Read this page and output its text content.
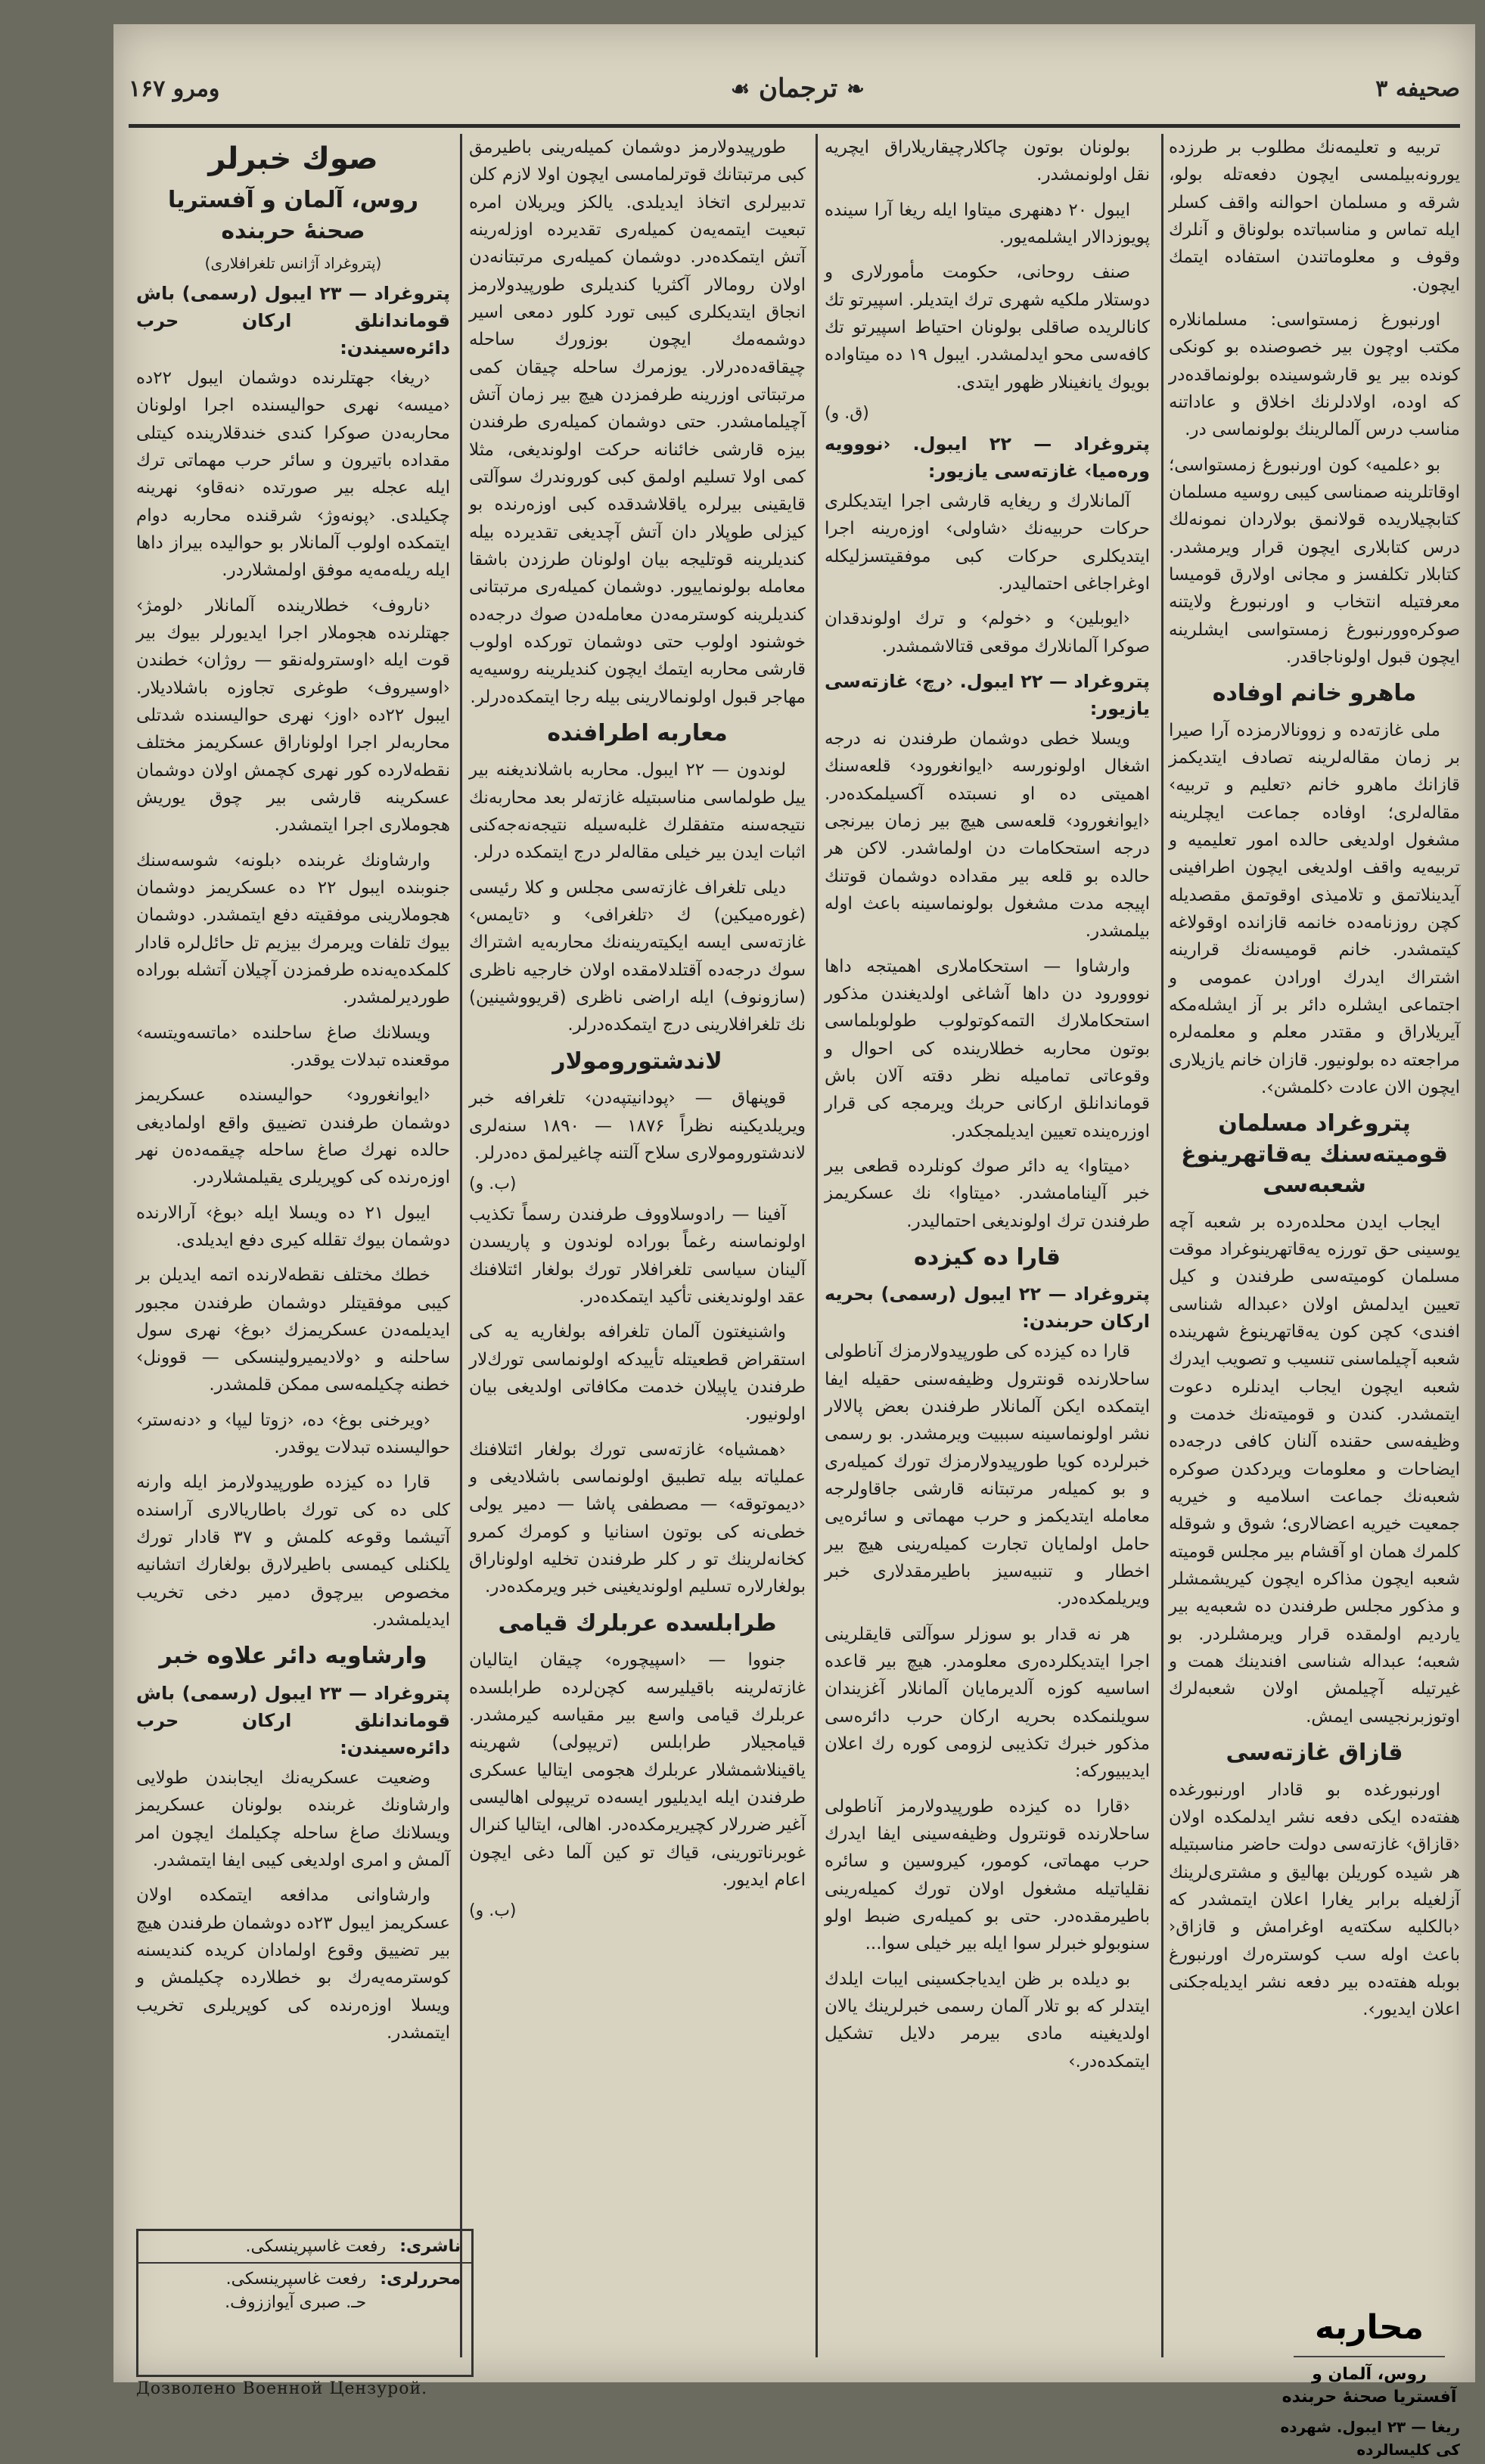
صحیفه ۳
❧
ترجمان
☙
ومرو ۱۶۷

تربیه و تعلیمه‌نك مطلوب بر طرزده یورونه‌بیلمسی ایچون دفعه‌تله بولو، شرقه و مسلمان احوالنه واقف کسلر ایله تماس و مناسباتده بولوناق و آنلرك وقوف و معلوماتندن استفاده ایتمك ایچون.

اورنبورغ زمستواسی: مسلمانلاره مکتب اوچون بیر خصوصنده بو کونکی کونده بیر یو قارشوسینده بولونماقده‌در که اوده، اولادلرنك اخلاق و عاداتنه مناسب درس آلمالرینك بولونماسی در.

بو ‹علمیه› کون اورنبورغ زمستواسی؛ اوقاتلرینه صمناسی کیبی روسیه مسلمان کتابچیلاریده قولانمق بولاردان نمونه‌لك درس کتابلاری ایچون قرار ویرمشدر. کتابلار تکلفسز و مجانی اولارق قوميسا معرفتیله انتخاب و اورنبورغ ولایتنه صوكره‌وورنبورغ زمستواسی ایشلرینه ایچون قبول اولوناجاقدر.

ماهرو خانم اوفاده

ملی غازته‌ده و زوونالارمزده آرا صیرا بر زمان مقاله‌لرینه تصادف ایتدیكمز قازانك ماهرو خانم ‹تعلیم و تربیه› مقاله‌لری؛ اوفاده جماعت ایچلرینه مشغول اولدیغی حالده امور تعلیمیه و تربیه‌یه واقف اولدیغی ایچون اطرافینی آیدینلاتمق و تلامیذی اوقوتمق مقصدیله کچن روزنامه‌ده خانمه قازانده اوقولاغه کیتمشدر. خانم قومیسه‌نك قرارینه اشتراك ایدرك اورادن عمومی و اجتماعی ایشلره دائر بر آز ایشله‌مكه آیریلاراق و مقتدر معلم و معلمه‌لره مراجعته ده بولونیور. قازان خانم یازیلاری ایچون الان عادت ‹كلمشن›.

پتروغراد مسلمان قومیته‌سنك یه‌قاتهرینوغ شعبه‌سی

ایجاب ایدن محلده‌رده بر شعبه آچه یوسینی حق تورزه یه‌قاتهرینوغراد موقت مسلمان کومیته‌سی طرفندن و کیل تعیین ایدلمش اولان ‹عبداله شناسی افندی› کچن کون یه‌قاتهرینوغ شهرینده شعبه آچیلماسنی تنسیب و تصویب ایدرك شعبه ایچون ایجاب ایدنلره دعوت ایتمشدر. کندن و قومیته‌نك خدمت و وظیفه‌سی حقنده آلنان کافی درجه‌ده ایضاحات و معلومات ویردکدن صوكره شعبه‌نك جماعت اسلامیه و خیریه جمعیت خیریه اعضالاری؛ شوق و شوقله کلمرك همان او آقشام بیر مجلس قومیته شعبه ایچون مذاكره ایچون کیریشمشلر و مذكور مجلس طرفندن ده شعبه‌یه بیر یاردیم اولمقده قرار ویرمشلردر. بو شعبه؛ عبداله شناسی افندینك همت و غیرتیله آچیلمش اولان شعبه‌لرك اوتوزبرنجیسی ایمش.

قازاق غازته‌سی

اورنبورغده بو قادار اورنبورغده هفته‌ده ایكی دفعه نشر ایدلمكده اولان ‹قازاق› غازته‌سی دولت حاضر مناسبتیله هر شیده کوریلن بهالیق و مشتری‌لرینك آزلغیله برابر یغارا اعلان ایتمشدر که ‹بالكلیه سکته‌یه اوغرامش و قازاق‹ باعث اوله سب کوستره‌رك اورنبورغ بوبله هفته‌ده بیر دفعه نشر ایدیله‌جکنی اعلان ایدیور›.

محاربه
روس، آلمان و آفستریا صحنهٔ حربنده
ریغا — ۲۳ ایبول. شهرده کی کلیسالرده

بولونان بوتون چاکلارچیقاریلاراق ایچریه نقل اولونمشدر.

ایبول ۲۰ دهنهرى میتاوا ایله ریغا آرا سینده پویوزدالار ایشلمه‌یور.

صنف روحانی، حکومت مأمورلاری و دوستلار ملکیه شهری ترك ایتدیلر. اسپیرتو تك کانالریده صاقلی بولونان احتیاط اسپیرتو تك کافه‌سی محو ایدلمشدر. ایبول ۱۹ ده میتاواده بویوك یانغینلار ظهور ایتدی.

(ق. و)
پتروغراد — ۲۲ ایبول. ‹نووویه وره‌میا› غازته‌سی یازیور:

آلمانلارك و ریغایه قارشی اجرا ایتدیكلری حرکات حربیه‌نك ‹شاولی› اوزه‌رینه اجرا ایتدیكلری حرکات کبی موفقیتسزلیكله اوغراجاغی احتمالیدر.

‹ایوبلین› و ‹خولم› و ترك اولوندقدان صوکرا آلمانلارك موقعی قتالاشمشدر.

پتروغراد — ۲۲ ایبول. ‹رچ› غازته‌سی یازیور:

ویسلا خطی دوشمان طرفندن نه درجه اشغال اولونورسه ‹ایوانغورود› قلعه‌سنك اهمیتی ده او نسبتده آکسیلمكده‌در. ‹ایوانغورود› قلعه‌سی هیچ بیر زمان بیرنجی درجه استحکامات دن اولماشدر. لاكن هر حالده بو قلعه بیر مقداده دوشمان قوتنك اپیجه مدت مشغول بولونماسینه باعث اوله بیلمشدر.

وارشاوا — استحکاملاری اهمیتجه داها نووورود دن داها آشاغی اولدیغندن مذکور استحکاملارك التمه‌كوتولوب طولوبلماسی بوتون محاربه خطلارینده کی احوال و وقوعاتی تمامیله نظر دقته آلان باش قوماندانلق ارکانی حربك ویرمجه کی قرار اوزره‌ینده تعیین ایدیلمجکدر.

‹میتاوا› یه دائر صوك کونلرده قطعی بیر خبر آلینامامشدر. ‹میتاوا› نك عسکریمز طرفندن ترك اولوندیغی احتمالیدر.

قارا ده کیزده
پتروغراد — ۲۲ ایبول (رسمی) بحریه ارکان حربندن:

قارا ده کیزده کی طورپیدولارمزك آناطولی ساحلارنده قونترول وظیفه‌سنی حقیله ایفا ایتمكده ایكن آلمانلار طرفندن بعض پالالار نشر اولونماسینه سببیت ویرمشدر. بو رسمی خبرلرده کویا طورپیدولارمزك تورك کمیله‌ری و بو کمیله‌ر مرتبتانه قارشی جاقاولرجه معامله ایتدیکمز و حرب مهماتی و سائره‌یی حامل اولمایان تجارت کمیله‌رینی هیچ بیر اخطار و تنبیه‌سیز باطیرمقدلاری خبر ویریلمكده‌در.

هر نه قدار بو سوزلر سوآلتی قایقلرینی اجرا ایتدیكلرده‌ری معلومدر. هیچ بیر قاعده اساسیه کوزه آلدیرمایان آلمانلار آغزیندان سویلنمكده بحریه ارکان حرب دائره‌سی مذکور خبرك تکذیبی لزومی کوره رك اعلان ایدیبیورکه:

‹قارا ده کیزده طورپیدولارمز آناطولی ساحلارنده قونترول وظیفه‌سینی ایفا ایدرك حرب مهماتی، کومور، کیروسین و سائره نقلیاتیله مشغول اولان تورك کمیله‌رینی باطیرمقده‌در. حتی بو کمیله‌ری ضبط اولو سنوبولو خبرلر سوا ایله بیر خیلی سوا...

بو دیلده بر ظن ایدیاجکسینی ایبات ایلدك ایتدلر که بو تلار آلمان رسمی خبرلرینك یالان اولدیغینه مادی بیرمر دلایل تشکیل ایتمكده‌در.›

طورپیدولارمز دوشمان کمیله‌رینی باطیرمق کبی مرتبتانك قوترلمامسی ایچون اولا لازم کلن تدبیرلری اتخاذ ایدیلدی. یالکز ویریلان امره تبعیت ایتمه‌یه‌ن کمیله‌ری تقدیرده اوزله‌رینه آتش ایتمكده‌در. دوشمان کمیله‌ری مرتبتانه‌دن اولان رومالار آکثریا کندیلری طورپیدولارمز انجاق ایتدیكلری کیبی تورد کلور دمعی اسیر دوشمه‌مك ایچون بوزورك ساحله چیقاقه‌ده‌درلار. یوزمرك ساحله چیقان کمی مرتبتاتی اوزرینه طرفمزدن هیچ بیر زمان آتش آچیلمامشدر. حتی دوشمان کمیله‌ری طرفندن بیزه قارشی خائنانه حرکت اولوندیغی، مثلا کمی اولا تسلیم اولمق کبی کوروندرك سوآلتی قایقینی بیرلره یاقلاشدقده کبی اوزه‌رنده بو کیزلی طوپلار دان آتش آچدیغی تقدیرده بیله کندیلرینه قوتلیجه بیان اولونان طرزدن باشقا معامله بولونماییور. دوشمان کمیله‌ری مرتبتانی کندیلرینه کوسترمه‌دن معامله‌دن صوك درجه‌ده خوشنود اولوب حتی دوشمان تورکده اولوب قارشی محاربه ایتمك ایچون کندیلرینه روسیه‌یه مهاجر قبول اولونمالارینی بیله رجا ایتمكده‌درلر.

معاربه اطرافنده

لوندون — ۲۲ ایبول. محاربه باشلاندیغنه بیر ییل طولماسی مناسبتیله غازته‌لر بعد محاربه‌نك نتیجه‌سنه متفقلرك غلبه‌سیله نتیجه‌نه‌جه‌کنی اثبات ایدن بیر خیلی مقاله‌لر درج ایتمكده درلر.

دیلی تلغراف غازته‌سی مجلس و کلا رئیسی (غوره‌میکین) ك ‹تلغرافی› و ‹تایمس› غازته‌سی ایسه ایکیته‌رینه‌نك محاربه‌یه اشتراك سوك درجه‌ده آقتلدلامقده اولان خارجیه ناظری (سازونوف) ایله اراضی ناظری (قریووشینین) نك تلغرافلارینی درج ایتمكده‌درلر.

لاندشتورومولار

قوپنهاق — ‹پودانیتپه‌دن› تلغرافه خبر ویریلدیکینه نظراً ۱۸۷۶ — ۱۸۹۰ سنه‌لری لاندشتورومولاری سلاح آلتنه چاغیرلمق ده‌درلر.

(ب. و)

آفینا — رادوسلاووف طرفندن رسماً تکذیب اولونماسنه رغماً بوراده لوندون و پاریسدن آلینان سیاسی تلغرافلار تورك بولغار ائتلافنك عقد اولوندیغنی تأکید ایتمكده‌در.

واشنیغتون آلمان تلغرافه بولغاریه یه کی استقراض قطعیتله تأییدکه اولونماسی تورك‌لار طرفندن یاپیلان خدمت مكافاتی اولدیغی بیان اولونیور.

‹همشیاه› غازته‌سی تورك بولغار ائتلافنك عملیاته بیله تطبیق اولونماسی باشلادیغی و ‹دیموتوقه› — مصطفی پاشا — دمیر یولی خطی‌نه کی بوتون اسنانیا و کومرك کمرو کخانه‌لرینك تو ر کلر طرفندن تخلیه اولوناراق بولغارلاره تسلیم اولوندیغینی خبر ویرمكده‌در.

طرابلسده عربلرك قیامی

جنووا — ‹اسپیچوره› چیقان ایتالیان غازته‌لرینه باقیلیرسه کچن‌لرده طرابلسده عربلرك قیامی واسع بیر مقیاسه کیرمشدر. قیامجیلار طرابلس (تریپولی) شهرینه یاقینلاشمشلار عربلرك هجومی ایتالیا عسکری طرفندن ایله ایدیلیور ایسه‌ده تریپولی اهالیسی آغیر ضررلار کچیریرمكده‌در. اهالی، ایتالیا کنرال غوبرناتورینی، قیاك تو کین آلما دغی ایچون اعام ایدیور.

(ب. و)
صوك خبرلر
روس، آلمان و آفستریا صحنهٔ حربنده
(پتروغراد آژانس تلغرافلاری)
پتروغراد — ۲۳ ایبول (رسمی) باش قوماندانلق ارکان حرب دائره‌سیندن:

‹ریغا› جهتلرنده دوشمان ایبول ۲۲ده ‹میسه› نهری حوالیسنده اجرا اولونان محاربه‌دن صوکرا کندی خندقلارینده کیتلی مقداده باتیرون و سائر حرب مهماتی ترك ایله عجله بیر صورتده ‹نه‌قاو› نهرینه چکیلدی. ‹پونه‌وژ› شرقنده محاربه دوام ایتمکده اولوب آلمانلار بو حوالیده بیراز داها ایله ریله‌مه‌یه موفق اولمشلاردر.

‹ناروف› خطلارینده آلمانلار ‹لومژ› جهتلرنده هجوملار اجرا ایدیورلر بیوك بیر قوت ایله ‹اوستروله‌نقو — روژان› خطندن ‹اوسیروف› طوغری تجاوزه باشلادیلار. ایبول ۲۲ده ‹اوز› نهری حوالیسنده شدتلی محاربه‌لر اجرا اولوناراق عسکریمز مختلف نقطه‌لارده کور نهری کچمش اولان دوشمان عسکرینه قارشی بیر چوق یوریش هجوملاری اجرا ایتمشدر.

وارشاونك غربنده ‹بلونه› شوسه‌سنك جنوبنده ایبول ۲۲ ده عسکریمز دوشمان هجوملارینی موفقیته دفع ایتمشدر. دوشمان بیوك تلفات ویرمرك بیزیم تل حائل‌لره قادار کلمکده‌یه‌نده طرفمزدن آچیلان آتشله بوراده طوردیرلمشدر.

ویسلانك صاغ ساحلنده ‹ماتسه‌ویتسه› موقعنده تبدلات یوقدر.

‹ایوانغورود› حوالیسنده عسکریمز دوشمان طرفندن تضییق واقع اولمادیغی حالده نهرك صاغ ساحله چیقمه‌ده‌ن نهر اوزه‌رنده کی کوپریلری یقیلمشلاردر.

ایبول ۲۱ ده ویسلا ایله ‹بوغ› آرالارنده دوشمان بیوك تقلله کیری دفع ایدیلدی.

خطك مختلف نقطه‌لارنده اتمه ایدیلن بر کیبی موفقیتلر دوشمان طرفندن مجبور ایدیلمه‌دن عسکریمزك ‹بوغ› نهری سول ساحلنه و ‹ولادیمیرولینسکی — قوونل› خطنه چکیلمه‌سی ممکن قلمشدر.

‹ویرخنی بوغ› ده، ‹زوتا لیپا› و ‹دنه‌ستر› حوالیسنده تبدلات یوقدر.

قارا ده کیزده طورپیدولارمز ایله وارنه کلی ده کی تورك باطاریالاری آراسنده آتیشما وقوعه کلمش و ۳۷ قادار تورك یلکنلی کیمسی باطیرلارق بولغارك اتشانیه مخصوص بیرچوق دمیر دخی تخریب ایدیلمشدر.

وارشاویه دائر علاوه خبر
پتروغراد — ۲۳ ایبول (رسمی) باش قوماندانلق ارکان حرب دائره‌سیندن:

وضعیت عسکریه‌نك ایجابندن طولایی وارشاونك غربنده بولونان عسکریمز ویسلانك صاغ ساحله چکیلمك ایچون امر آلمش و امری اولدیغی کیبی ایفا ایتمشدر.

وارشاوانی مدافعه ایتمکده اولان عسکریمز ایبول ۲۳ده دوشمان طرفندن هیچ بیر تضییق وقوع اولمادان کریده کندیسنه کوسترمه‌یه‌رك بو خطلارده چکیلمش و ویسلا اوزه‌رنده کی کوپریلری تخریب ایتمشدر.

ناشری:
رفعت غاسپرینسکی.
محررلری:
رفعت غاسپرینسکی.
حـ. صبری آیواززوف.
Дозволено Военной Цензурой.
